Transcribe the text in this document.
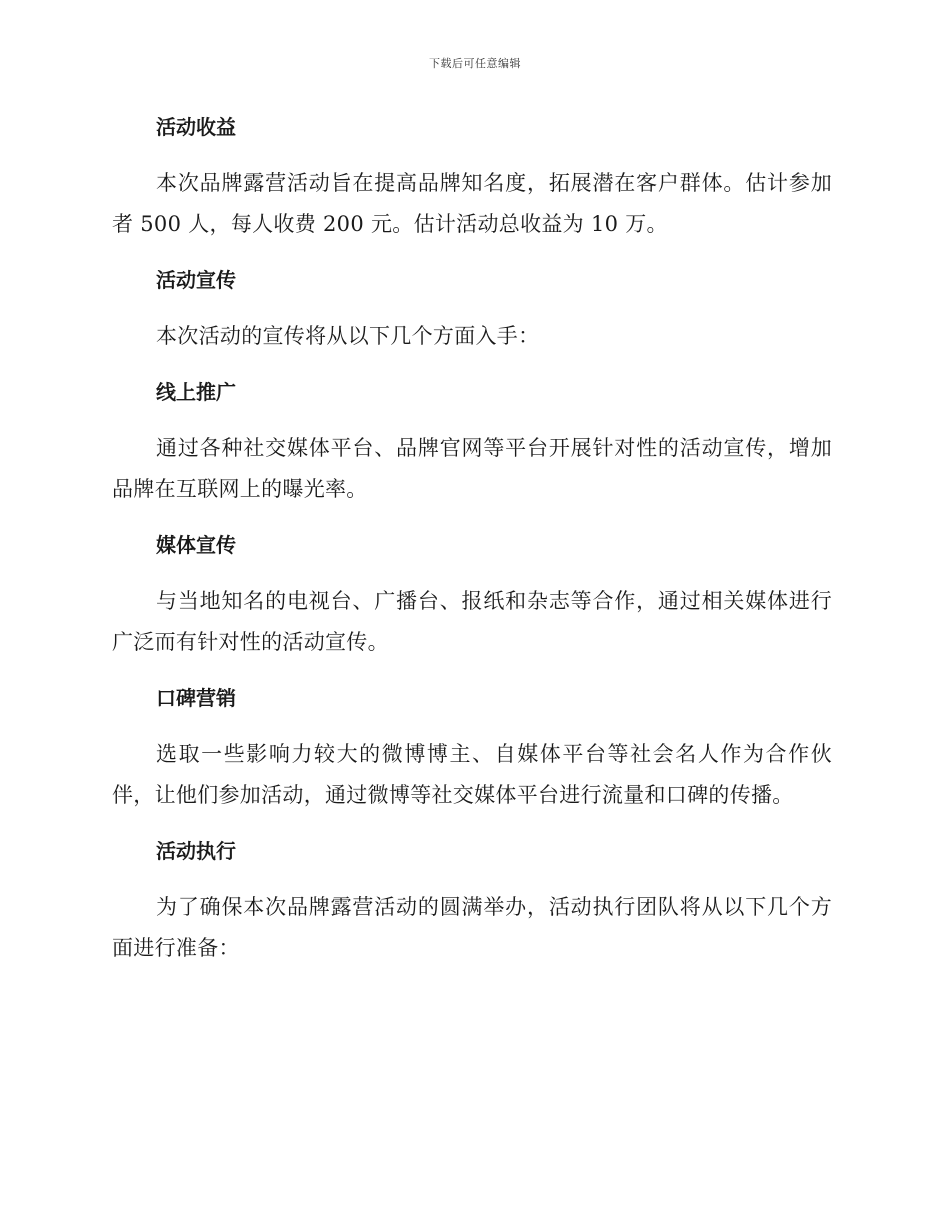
下载后可任意编辑
活动收益

本次品牌露营活动旨在提高品牌知名度，拓展潜在客户群体。估计参加者 500 人，每人收费 200 元。估计活动总收益为 10 万。

活动宣传

本次活动的宣传将从以下几个方面入手：

线上推广

通过各种社交媒体平台、品牌官网等平台开展针对性的活动宣传，增加品牌在互联网上的曝光率。

媒体宣传

与当地知名的电视台、广播台、报纸和杂志等合作，通过相关媒体进行广泛而有针对性的活动宣传。

口碑营销

选取一些影响力较大的微博博主、自媒体平台等社会名人作为合作伙伴，让他们参加活动，通过微博等社交媒体平台进行流量和口碑的传播。

活动执行

为了确保本次品牌露营活动的圆满举办，活动执行团队将从以下几个方面进行准备：
